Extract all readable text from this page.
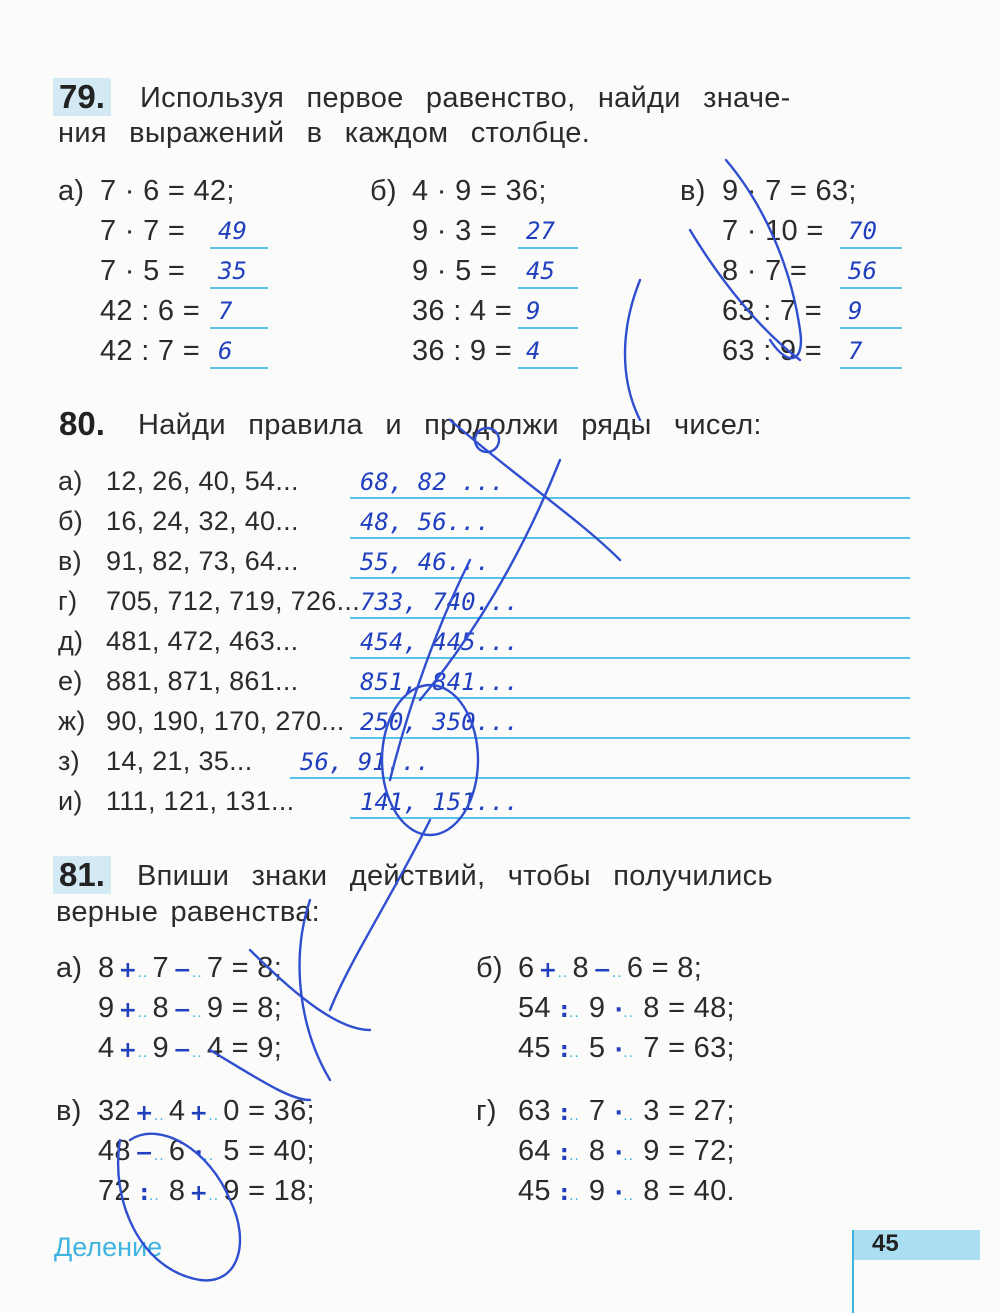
79. Используя первое равенство, найди значе-
ния выражений в каждом столбце.
а) 7 · 6 = 42;
7 · 7 = 49
7 · 5 = 35
42 : 6 = 7
42 : 7 = 6
б) 4 · 9 = 36;
9 · 3 = 27
9 · 5 = 45
36 : 4 = 9
36 : 9 = 4
в) 9 · 7 = 63;
7 · 10 = 70
8 · 7 = 56
63 : 7 = 9
63 : 9 = 7
80. Найди правила и продолжи ряды чисел:
а) 12, 26, 40, 54...	68, 82 ...
б) 16, 24, 32, 40...	48, 56...
в) 91, 82, 73, 64...	55, 46...
г) 705, 712, 719, 726... 733, 740...
д) 481, 472, 463...	454, 445...
е) 881, 871, 861...	851, 841...
ж) 90, 190, 170, 270... 250, 350...
з) 14, 21, 35... 56, 91...
и) 111, 121, 131...	141, 151...
81. Впиши знаки действий, чтобы получились
верные равенства:
а) 8 +.. 7 −.. 7 = 8;
9 +.. 8 −.. 9 = 8;
4 +.. 9 −.. 4 = 9;
б) 6 +.. 8 −.. 6 = 8;
54 :.. 9 ·.. 8 = 48;
45 :.. 5 ·.. 7 = 63;
в) 32 +.. 4 +.. 0 = 36;
48 −.. 6 ·.. 5 = 40;
72 :.. 8 +.. 9 = 18;
г) 63 :.. 7 ·.. 3 = 27;
64 :.. 8 ·.. 9 = 72;
45 :.. 9 ·.. 8 = 40.
Деление	45
